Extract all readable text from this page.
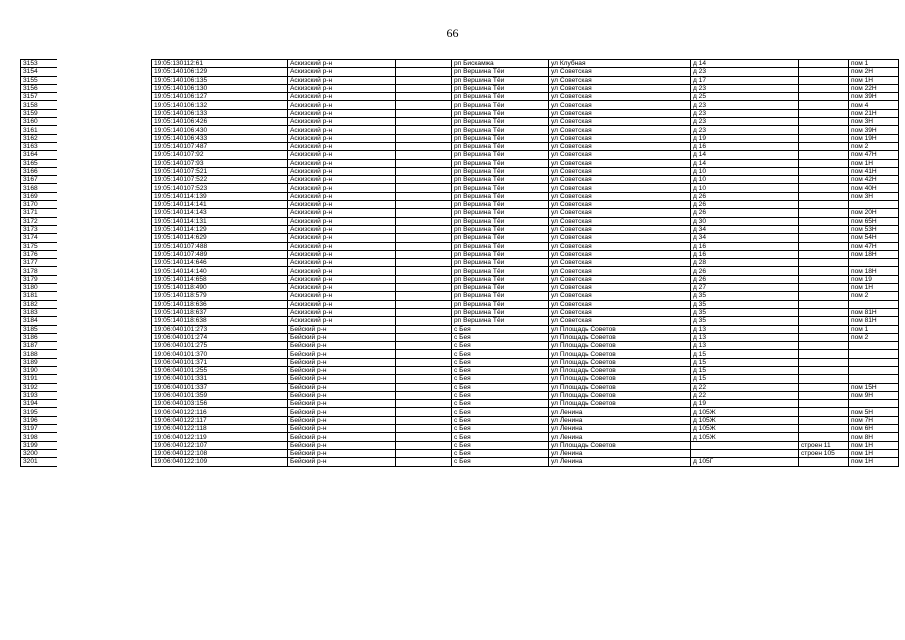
66
3153		19:05:130112:61	Аскизский р-н		рп Бискамжа	ул Клубная	д 14		пом 1
3154		19:05:140106:129	Аскизский р-н		рп Вершина Тёи	ул Советская	д 23		пом 2Н
3155		19:05:140106:135	Аскизский р-н		рп Вершина Тёи	ул Советская	д 17		пом 1Н
3156		19:05:140106:130	Аскизский р-н		рп Вершина Тёи	ул Советская	д 23		пом 22Н
3157		19:05:140106:127	Аскизский р-н		рп Вершина Тёи	ул Советская	д 25		пом 39Н
3158		19:05:140106:132	Аскизский р-н		рп Вершина Тёи	ул Советская	д 23		пом 4
3159		19:05:140106:133	Аскизский р-н		рп Вершина Тёи	ул Советская	д 23		пом 21Н
3160		19:05:140106:426	Аскизский р-н		рп Вершина Тёи	ул Советская	д 23		пом 3Н
3161		19:05:140106:430	Аскизский р-н		рп Вершина Тёи	ул Советская	д 23		пом 39Н
3162		19:05:140106:433	Аскизский р-н		рп Вершина Тёи	ул Советская	д 19		пом 19Н
3163		19:05:140107:487	Аскизский р-н		рп Вершина Тёи	ул Советская	д 16		пом 2
3164		19:05:140107:92	Аскизский р-н		рп Вершина Тёи	ул Советская	д 14		пом 47Н
3165		19:05:140107:93	Аскизский р-н		рп Вершина Тёи	ул Советская	д 14		пом 1Н
3166		19:05:140107:521	Аскизский р-н		рп Вершина Тёи	ул Советская	д 10		пом 41Н
3167		19:05:140107:522	Аскизский р-н		рп Вершина Тёи	ул Советская	д 10		пом 42Н
3168		19:05:140107:523	Аскизский р-н		рп Вершина Тёи	ул Советская	д 10		пом 40Н
3169		19:05:140114:139	Аскизский р-н		рп Вершина Тёи	ул Советская	д 26		пом 3Н
3170		19:05:140114:141	Аскизский р-н		рп Вершина Тёи	ул Советская	д 26		
3171		19:05:140114:143	Аскизский р-н		рп Вершина Тёи	ул Советская	д 26		пом 20Н
3172		19:05:140114:131	Аскизский р-н		рп Вершина Тёи	ул Советская	д 30		пом 65Н
3173		19:05:140114:129	Аскизский р-н		рп Вершина Тёи	ул Советская	д 34		пом 53Н
3174		19:05:140114:629	Аскизский р-н		рп Вершина Тёи	ул Советская	д 34		пом 54Н
3175		19:05:140107:488	Аскизский р-н		рп Вершина Тёи	ул Советская	д 16		пом 47Н
3176		19:05:140107:489	Аскизский р-н		рп Вершина Тёи	ул Советская	д 16		пом 18Н
3177		19:05:140114:646	Аскизский р-н		рп Вершина Тёи	ул Советская	д 28		
3178		19:05:140114:140	Аскизский р-н		рп Вершина Тёи	ул Советская	д 26		пом 18Н
3179		19:05:140114:658	Аскизский р-н		рп Вершина Тёи	ул Советская	д 26		пом 19
3180		19:05:140118:490	Аскизский р-н		рп Вершина Тёи	ул Советская	д 27		пом 1Н
3181		19:05:140118:579	Аскизский р-н		рп Вершина Тёи	ул Советская	д 35		пом 2
3182		19:05:140118:636	Аскизский р-н		рп Вершина Тёи	ул Советская	д 35		
3183		19:05:140118:637	Аскизский р-н		рп Вершина Тёи	ул Советская	д 35		пом 81Н
3184		19:05:140118:638	Аскизский р-н		рп Вершина Тёи	ул Советская	д 35		пом 81Н
3185		19:06:040101:273	Бейский р-н		с Бея	ул Площадь Советов	д 13		пом 1
3186		19:06:040101:274	Бейский р-н		с Бея	ул Площадь Советов	д 13		пом 2
3187		19:06:040101:275	Бейский р-н		с Бея	ул Площадь Советов	д 13		
3188		19:06:040101:370	Бейский р-н		с Бея	ул Площадь Советов	д 15		
3189		19:06:040101:371	Бейский р-н		с Бея	ул Площадь Советов	д 15		
3190		19:06:040101:255	Бейский р-н		с Бея	ул Площадь Советов	д 15		
3191		19:06:040101:331	Бейский р-н		с Бея	ул Площадь Советов	д 15		
3192		19:06:040101:337	Бейский р-н		с Бея	ул Площадь Советов	д 22		пом 15Н
3193		19:06:040101:359	Бейский р-н		с Бея	ул Площадь Советов	д 22		пом 9Н
3194		19:06:040103:156	Бейский р-н		с Бея	ул Площадь Советов	д 19		
3195		19:06:040122:116	Бейский р-н		с Бея	ул Ленина	д 105Ж		пом 5Н
3196		19:06:040122:117	Бейский р-н		с Бея	ул Ленина	д 105Ж		пом 7Н
3197		19:06:040122:118	Бейский р-н		с Бея	ул Ленина	д 105Ж		пом 6Н
3198		19:06:040122:119	Бейский р-н		с Бея	ул Ленина	д 105Ж		пом 8Н
3199		19:06:040122:107	Бейский р-н		с Бея	ул Площадь Советов		строен 11	пом 1Н
3200		19:06:040122:108	Бейский р-н		с Бея	ул Ленина		строен 105	пом 1Н
3201		19:06:040122:109	Бейский р-н		с Бея	ул Ленина	д 105Г		пом 1Н
